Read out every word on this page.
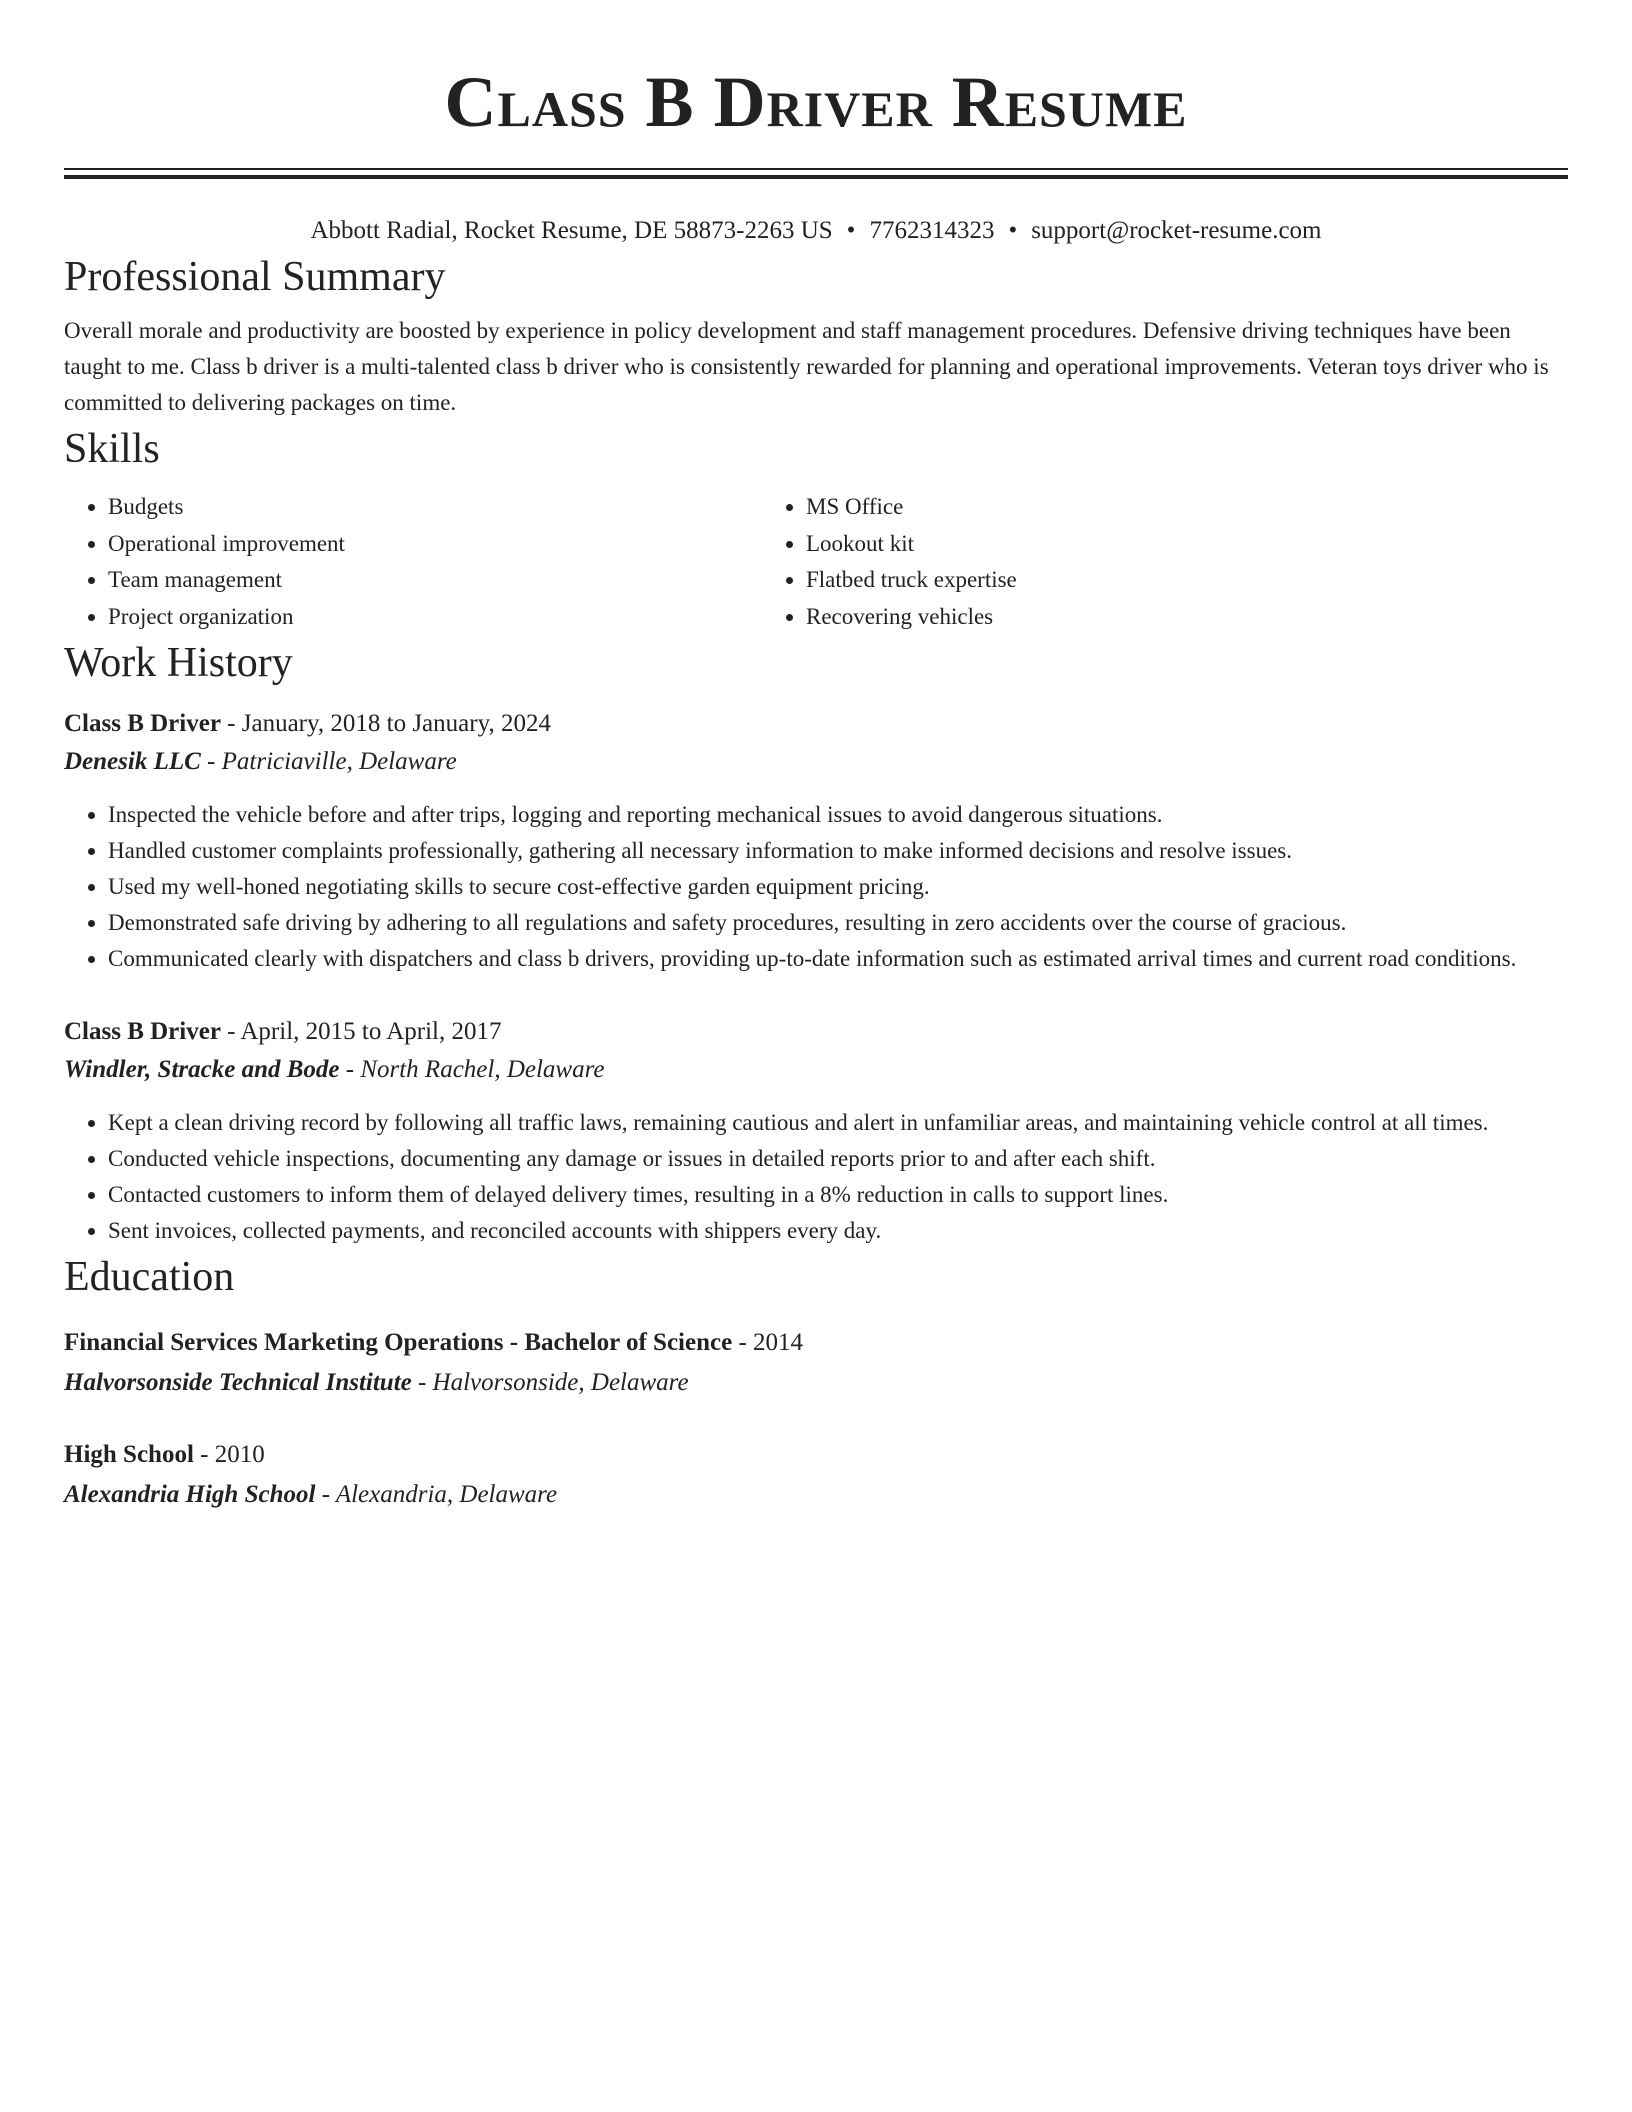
Class B Driver Resume
Abbott Radial, Rocket Resume, DE 58873-2263 US • 7762314323 • support@rocket-resume.com
Professional Summary
Overall morale and productivity are boosted by experience in policy development and staff management procedures. Defensive driving techniques have been taught to me. Class b driver is a multi-talented class b driver who is consistently rewarded for planning and operational improvements. Veteran toys driver who is committed to delivering packages on time.
Skills
• Budgets
• Operational improvement
• Team management
• Project organization
• MS Office
• Lookout kit
• Flatbed truck expertise
• Recovering vehicles
Work History
Class B Driver - January, 2018 to January, 2024
Denesik LLC - Patriciaville, Delaware
• Inspected the vehicle before and after trips, logging and reporting mechanical issues to avoid dangerous situations.
• Handled customer complaints professionally, gathering all necessary information to make informed decisions and resolve issues.
• Used my well-honed negotiating skills to secure cost-effective garden equipment pricing.
• Demonstrated safe driving by adhering to all regulations and safety procedures, resulting in zero accidents over the course of gracious.
• Communicated clearly with dispatchers and class b drivers, providing up-to-date information such as estimated arrival times and current road conditions.
Class B Driver - April, 2015 to April, 2017
Windler, Stracke and Bode - North Rachel, Delaware
• Kept a clean driving record by following all traffic laws, remaining cautious and alert in unfamiliar areas, and maintaining vehicle control at all times.
• Conducted vehicle inspections, documenting any damage or issues in detailed reports prior to and after each shift.
• Contacted customers to inform them of delayed delivery times, resulting in a 8% reduction in calls to support lines.
• Sent invoices, collected payments, and reconciled accounts with shippers every day.
Education
Financial Services Marketing Operations - Bachelor of Science - 2014
Halvorsonside Technical Institute - Halvorsonside, Delaware
High School - 2010
Alexandria High School - Alexandria, Delaware
